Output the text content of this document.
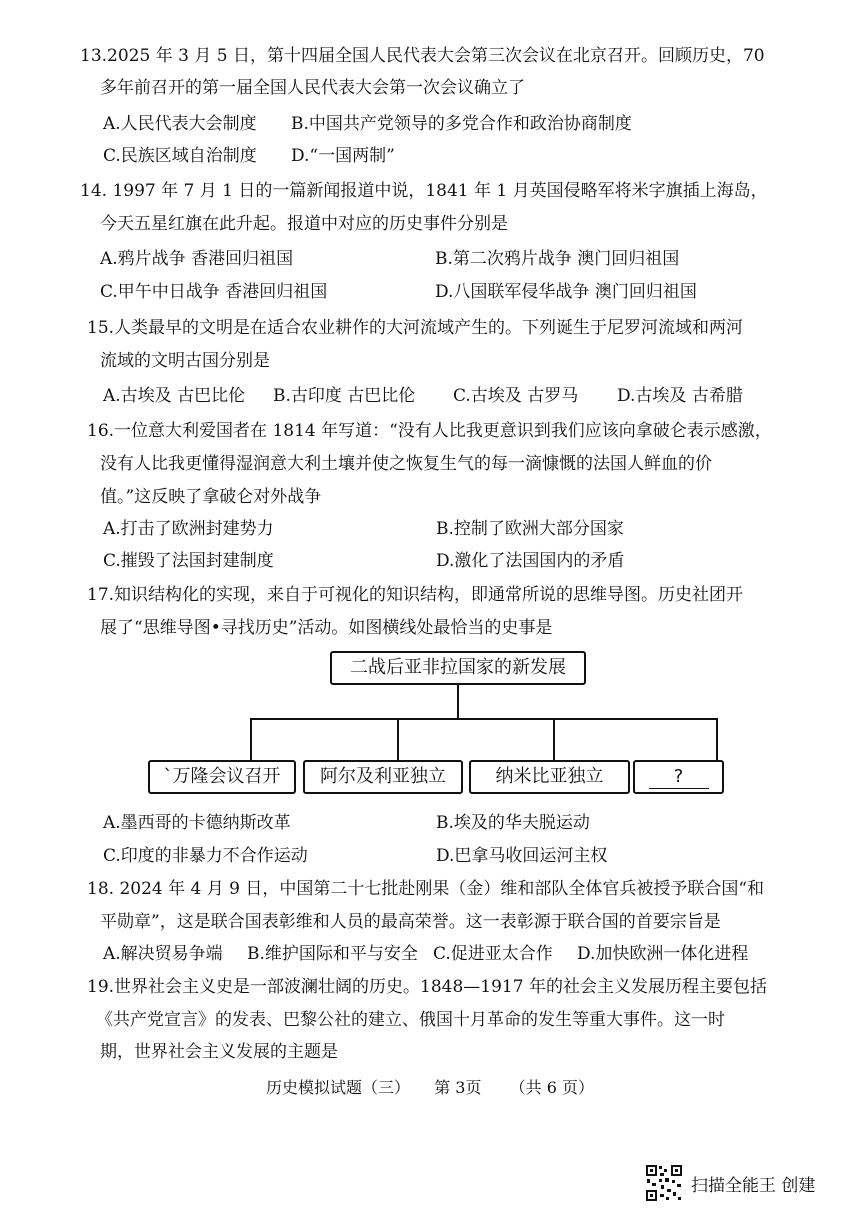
13.2025 年 3 月 5 日，第十四届全国人民代表大会第三次会议在北京召开。回顾历史，70
多年前召开的第一届全国人民代表大会第一次会议确立了
A.人民代表大会制度 B.中国共产党领导的多党合作和政治协商制度
C.民族区域自治制度 D.“一国两制”
14. 1997 年 7 月 1 日的一篇新闻报道中说，1841 年 1 月英国侵略军将米字旗插上海岛，
今天五星红旗在此升起。报道中对应的历史事件分别是
A.鸦片战争 香港回归祖国	B.第二次鸦片战争 澳门回归祖国
C.甲午中日战争 香港回归祖国	D.八国联军侵华战争 澳门回归祖国
15.人类最早的文明是在适合农业耕作的大河流域产生的。下列诞生于尼罗河流域和两河
流域的文明古国分别是
A.古埃及 古巴比伦 B.古印度 古巴比伦 C.古埃及 古罗马 D.古埃及 古希腊
16.一位意大利爱国者在 1814 年写道：“没有人比我更意识到我们应该向拿破仑表示感激，
没有人比我更懂得湿润意大利土壤并使之恢复生气的每一滴慷慨的法国人鲜血的价
值。”这反映了拿破仑对外战争
A.打击了欧洲封建势力	B.控制了欧洲大部分国家
C.摧毁了法国封建制度	D.激化了法国国内的矛盾
17.知识结构化的实现，来自于可视化的知识结构，即通常所说的思维导图。历史社团开
展了“思维导图•寻找历史”活动。如图横线处最恰当的史事是
二战后亚非拉国家的新发展
`万隆会议召开	阿尔及利亚独立	纳米比亚独立	?
A.墨西哥的卡德纳斯改革	B.埃及的华夫脱运动
C.印度的非暴力不合作运动	D.巴拿马收回运河主权
18. 2024 年 4 月 9 日，中国第二十七批赴刚果（金）维和部队全体官兵被授予联合国“和
平勋章”，这是联合国表彰维和人员的最高荣誉。这一表彰源于联合国的首要宗旨是
A.解决贸易争端 B.维护国际和平与安全 C.促进亚太合作 D.加快欧洲一体化进程
19.世界社会主义史是一部波澜壮阔的历史。1848—1917 年的社会主义发展历程主要包括
《共产党宣言》的发表、巴黎公社的建立、俄国十月革命的发生等重大事件。这一时
期，世界社会主义发展的主题是
历史模拟试题（三） 第 3页 （共 6 页）
扫描全能王 创建
